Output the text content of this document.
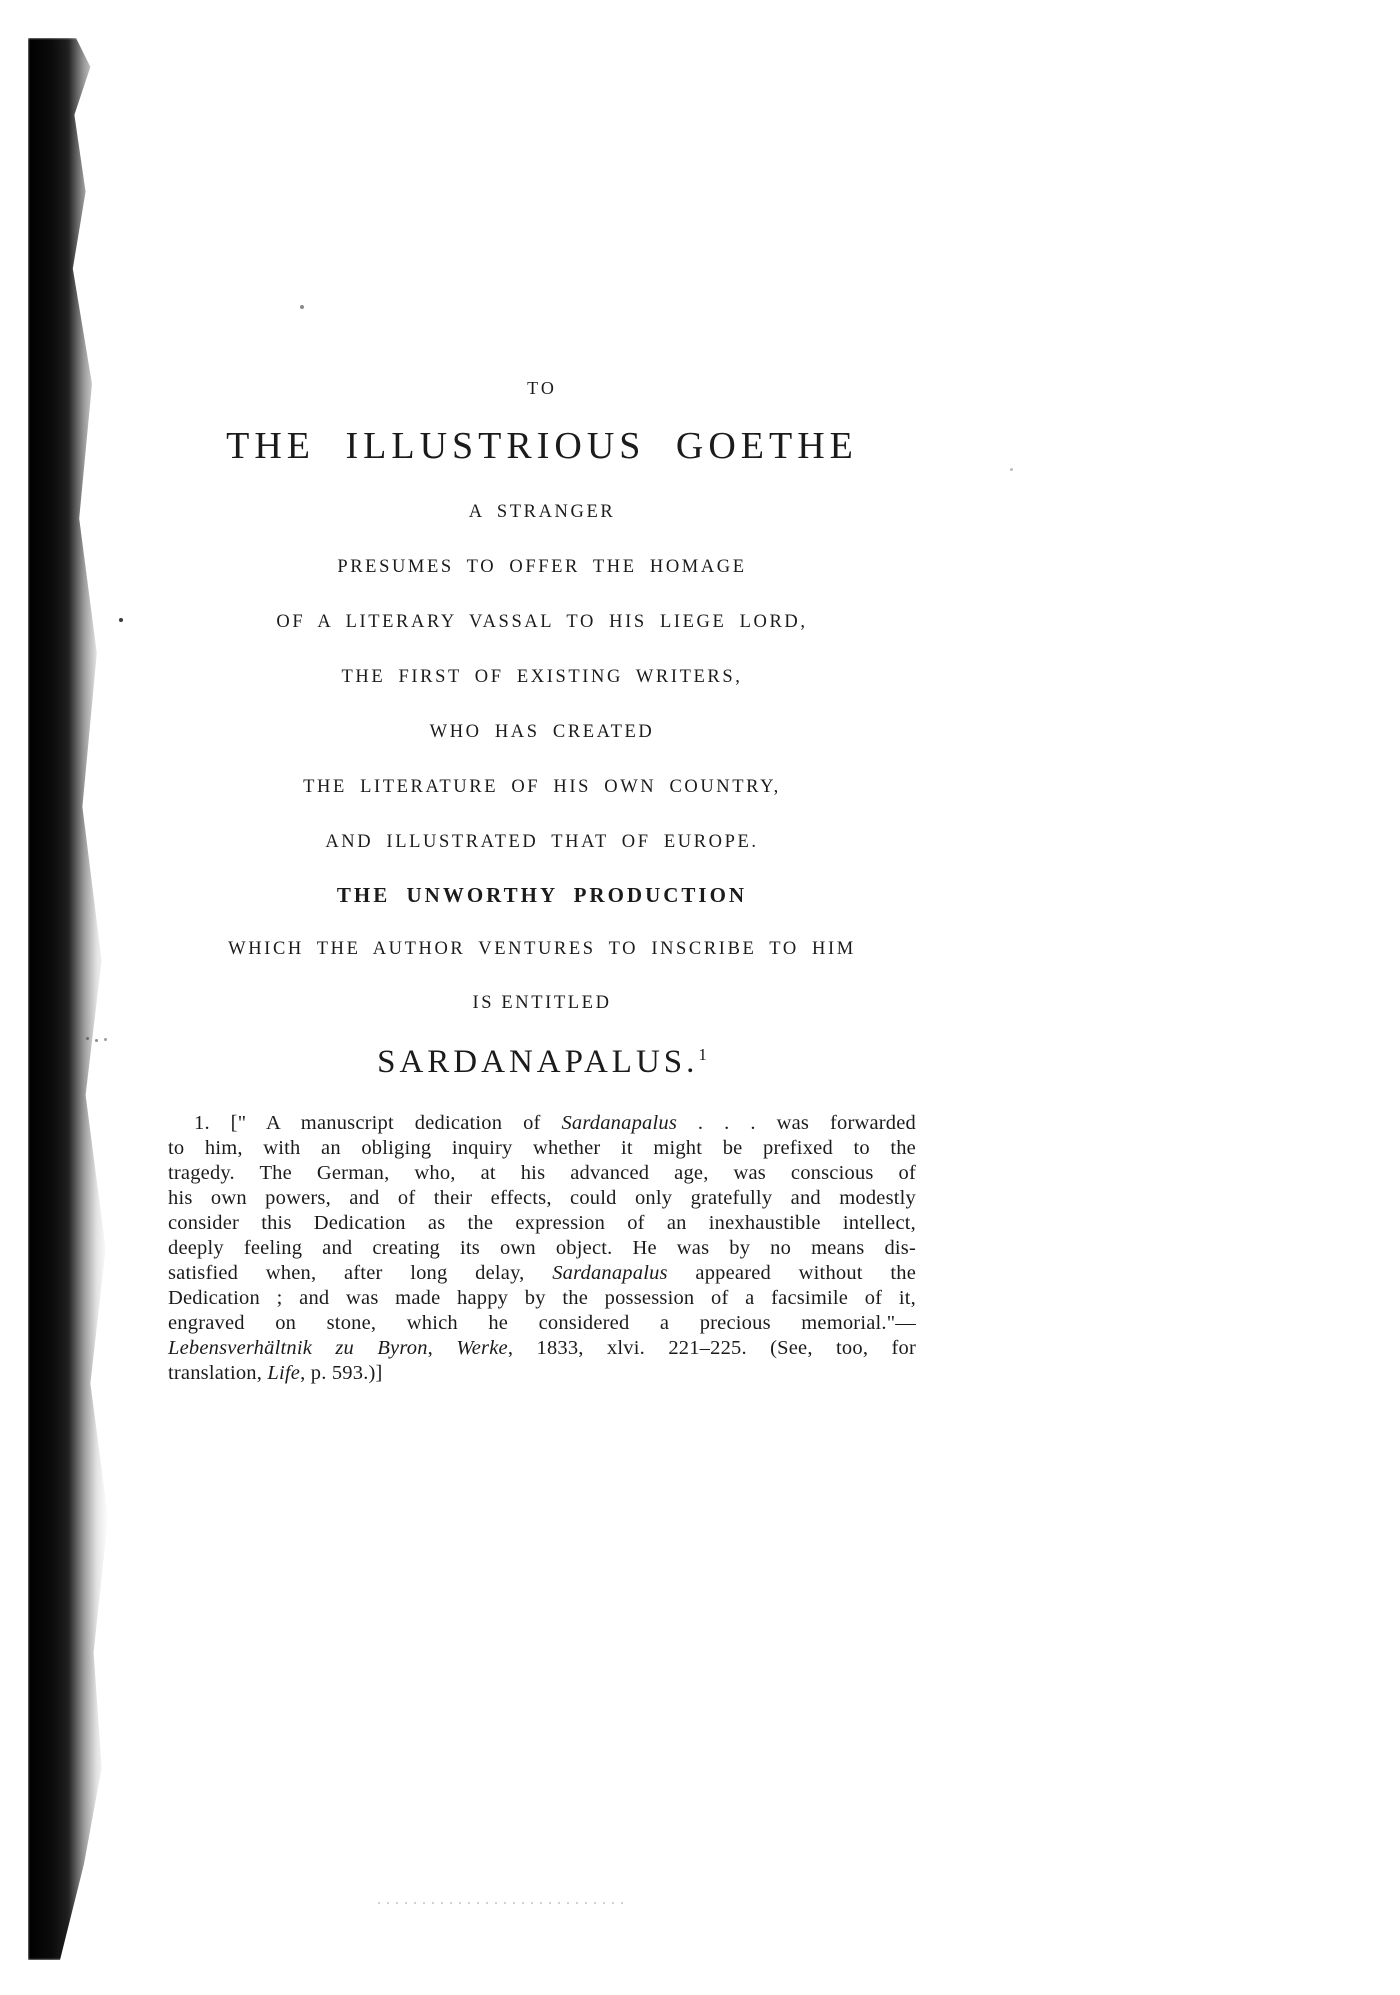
TO
THE ILLUSTRIOUS GOETHE
A STRANGER
PRESUMES TO OFFER THE HOMAGE
OF A LITERARY VASSAL TO HIS LIEGE LORD,
THE FIRST OF EXISTING WRITERS,
WHO HAS CREATED
THE LITERATURE OF HIS OWN COUNTRY,
AND ILLUSTRATED THAT OF EUROPE.
THE UNWORTHY PRODUCTION
WHICH THE AUTHOR VENTURES TO INSCRIBE TO HIM
IS ENTITLED
SARDANAPALUS.$^1$
1. [" A manuscript dedication of Sardanapalus . . . was forwarded
to him, with an obliging inquiry whether it might be prefixed to the
tragedy. The German, who, at his advanced age, was conscious of
his own powers, and of their effects, could only gratefully and modestly
consider this Dedication as the expression of an inexhaustible intellect,
deeply feeling and creating its own object. He was by no means dis-
satisfied when, after long delay, Sardanapalus appeared without the
Dedication ; and was made happy by the possession of a facsimile of it,
engraved on stone, which he considered a precious memorial."—
Lebensverhältnik zu Byron, Werke, 1833, xlvi. 221–225. (See, too, for
translation, Life, p. 593.)]
